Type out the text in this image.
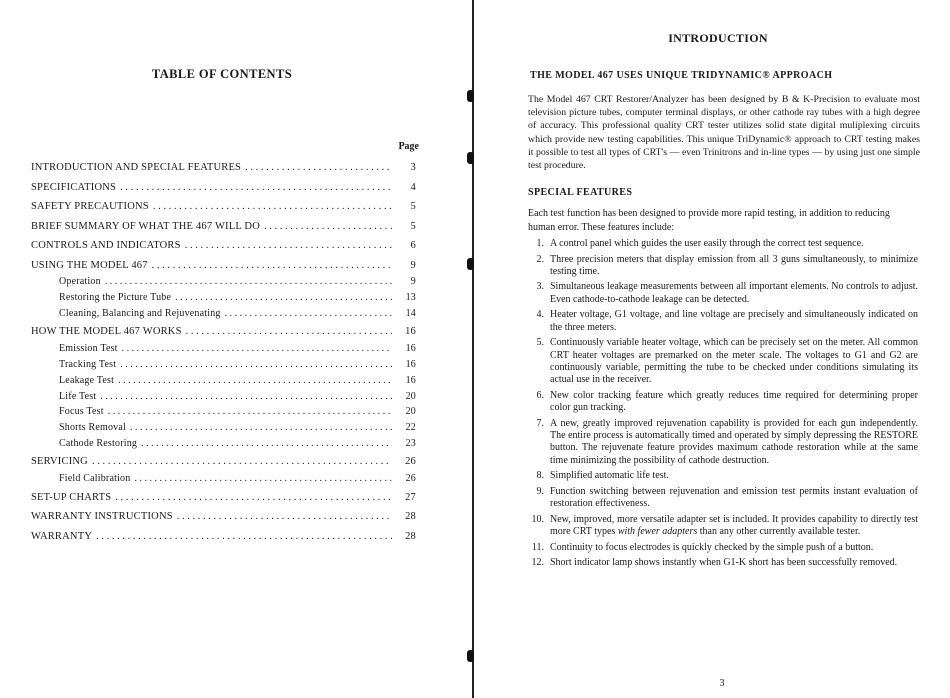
TABLE OF CONTENTS
Page
INTRODUCTION AND SPECIAL FEATURES . . .	3
SPECIFICATIONS . . .	4
SAFETY PRECAUTIONS . . .	5
BRIEF SUMMARY OF WHAT THE 467 WILL DO . . .	5
CONTROLS AND INDICATORS . . .	6
USING THE MODEL 467 . . .	9
Operation . . .	9
Restoring the Picture Tube . . .	13
Cleaning, Balancing and Rejuvenating . . .	14
HOW THE MODEL 467 WORKS . . .	16
Emission Test . . .	16
Tracking Test . . .	16
Leakage Test . . .	16
Life Test . . .	20
Focus Test . . .	20
Shorts Removal . . .	22
Cathode Restoring . . .	23
SERVICING . . .	26
Field Calibration . . .	26
SET-UP CHARTS . . .	27
WARRANTY INSTRUCTIONS . . .	28
WARRANTY . . .	28
INTRODUCTION
THE MODEL 467 USES UNIQUE TRIDYNAMIC® APPROACH
The Model 467 CRT Restorer/Analyzer has been designed by B & K-Precision to evaluate most television picture tubes, computer terminal displays, or other cathode ray tubes with a high degree of accuracy. This professional quality CRT tester utilizes solid state digital muliplexing circuits which provide new testing capabilities. This unique TriDynamic® approach to CRT testing makes it possible to test all types of CRT's — even Trinitrons and in-line types — by using just one simple test procedure.
SPECIAL FEATURES
Each test function has been designed to provide more rapid testing, in addition to reducing human error. These features include:
1. A control panel which guides the user easily through the correct test sequence.
2. Three precision meters that display emission from all 3 guns simultaneously, to minimize testing time.
3. Simultaneous leakage measurements between all important elements. No controls to adjust. Even cathode-to-cathode leakage can be detected.
4. Heater voltage, G1 voltage, and line voltage are precisely and simultaneously indicated on the three meters.
5. Continuously variable heater voltage, which can be precisely set on the meter. All common CRT heater voltages are premarked on the meter scale. The voltages to G1 and G2 are continuously variable, permitting the tube to be checked under conditions simulating its actual use in the receiver.
6. New color tracking feature which greatly reduces time required for determining proper color gun tracking.
7. A new, greatly improved rejuvenation capability is provided for each gun independently. The entire process is automatically timed and operated by simply depressing the RESTORE button. The rejuvenate feature provides maximum cathode restoration while at the same time minimizing the possibility of cathode destruction.
8. Simplified automatic life test.
9. Function switching between rejuvenation and emission test permits instant evaluation of restoration effectiveness.
10. New, improved, more versatile adapter set is included. It provides capability to directly test more CRT types with fewer adapters than any other currently available tester.
11. Continuity to focus electrodes is quickly checked by the simple push of a button.
12. Short indicator lamp shows instantly when G1-K short has been successfully removed.
3
